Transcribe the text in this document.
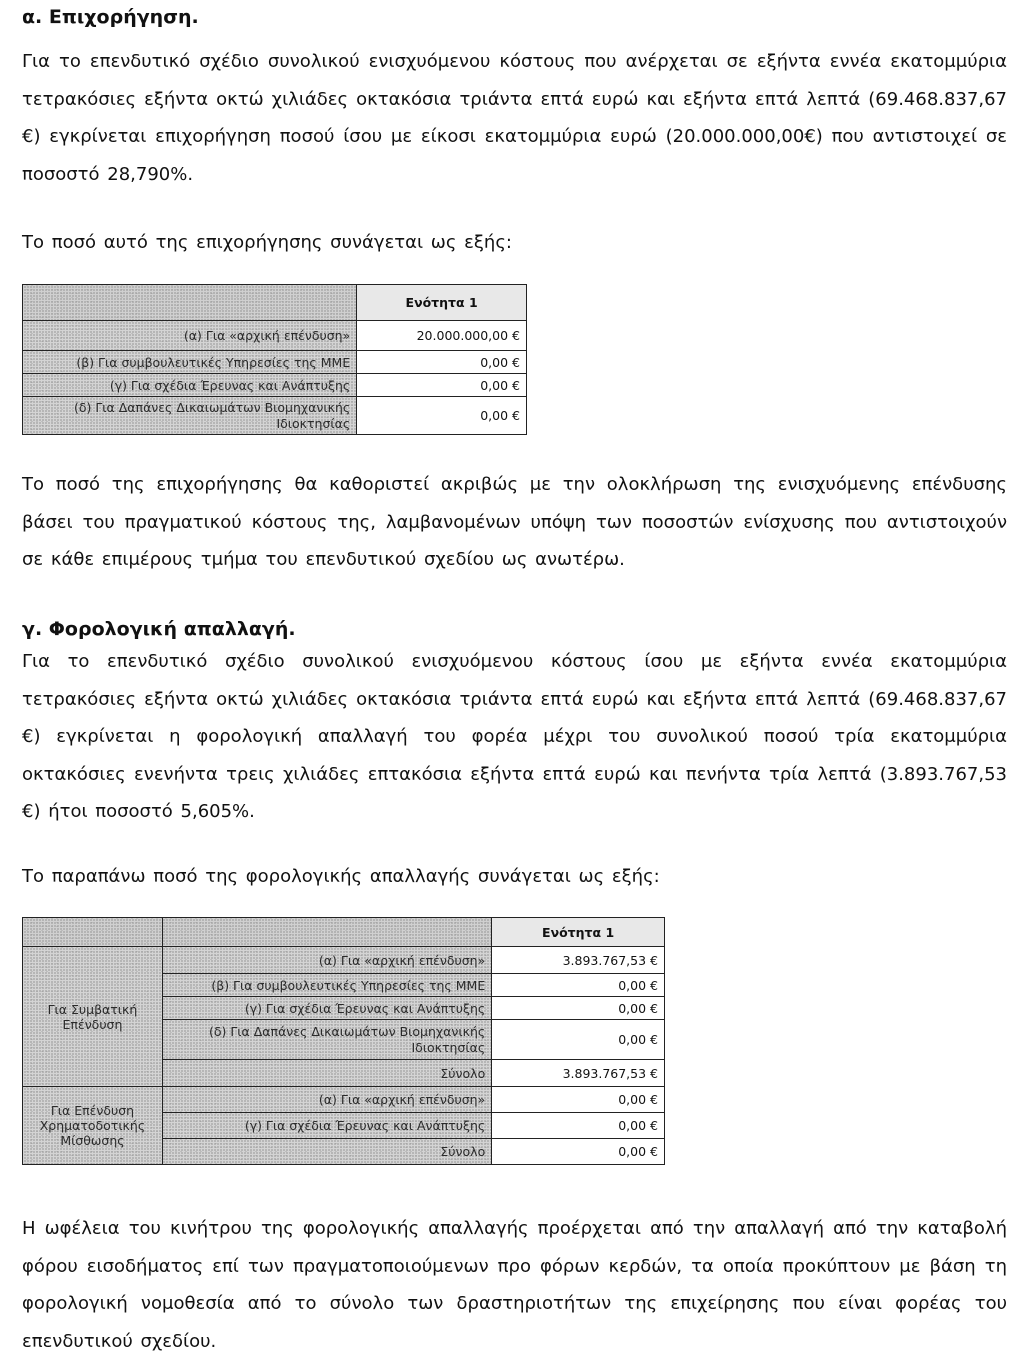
α. Επιχορήγηση.
Για το επενδυτικό σχέδιο συνολικού ενισχυόμενου κόστους που ανέρχεται σε εξήντα εννέα εκατομμύρια τετρακόσιες εξήντα οκτώ χιλιάδες οκτακόσια τριάντα επτά ευρώ και εξήντα επτά λεπτά (69.468.837,67 €) εγκρίνεται επιχορήγηση ποσού ίσου με είκοσι εκατομμύρια ευρώ (20.000.000,00€) που αντιστοιχεί σε ποσοστό 28,790%.
Το ποσό αυτό της επιχορήγησης συνάγεται ως εξής:
	Ενότητα 1
(α) Για «αρχική επένδυση»	20.000.000,00 €
(β) Για συμβουλευτικές Υπηρεσίες της ΜΜΕ	0,00 €
(γ) Για σχέδια Έρευνας και Ανάπτυξης	0,00 €
(δ) Για Δαπάνες Δικαιωμάτων Βιομηχανικής Ιδιοκτησίας	0,00 €
Το ποσό της επιχορήγησης θα καθοριστεί ακριβώς με την ολοκλήρωση της ενισχυόμενης επένδυσης βάσει του πραγματικού κόστους της, λαμβανομένων υπόψη των ποσοστών ενίσχυσης που αντιστοιχούν σε κάθε επιμέρους τμήμα του επενδυτικού σχεδίου ως ανωτέρω.
γ. Φορολογική απαλλαγή.
Για το επενδυτικό σχέδιο συνολικού ενισχυόμενου κόστους ίσου με εξήντα εννέα εκατομμύρια τετρακόσιες εξήντα οκτώ χιλιάδες οκτακόσια τριάντα επτά ευρώ και εξήντα επτά λεπτά (69.468.837,67 €) εγκρίνεται η φορολογική απαλλαγή του φορέα μέχρι του συνολικού ποσού τρία εκατομμύρια οκτακόσιες ενενήντα τρεις χιλιάδες επτακόσια εξήντα επτά ευρώ και πενήντα τρία λεπτά (3.893.767,53 €) ήτοι ποσοστό 5,605%.
Το παραπάνω ποσό της φορολογικής απαλλαγής συνάγεται ως εξής:
		Ενότητα 1
Για Συμβατική Επένδυση	(α) Για «αρχική επένδυση»	3.893.767,53 €
	(β) Για συμβουλευτικές Υπηρεσίες της ΜΜΕ	0,00 €
	(γ) Για σχέδια Έρευνας και Ανάπτυξης	0,00 €
	(δ) Για Δαπάνες Δικαιωμάτων Βιομηχανικής Ιδιοκτησίας	0,00 €
	Σύνολο	3.893.767,53 €
Για Επένδυση Χρηματοδοτικής Μίσθωσης	(α) Για «αρχική επένδυση»	0,00 €
	(γ) Για σχέδια Έρευνας και Ανάπτυξης	0,00 €
	Σύνολο	0,00 €
Η ωφέλεια του κινήτρου της φορολογικής απαλλαγής προέρχεται από την απαλλαγή από την καταβολή φόρου εισοδήματος επί των πραγματοποιούμενων προ φόρων κερδών, τα οποία προκύπτουν με βάση τη φορολογική νομοθεσία από το σύνολο των δραστηριοτήτων της επιχείρησης που είναι φορέας του επενδυτικού σχεδίου.
